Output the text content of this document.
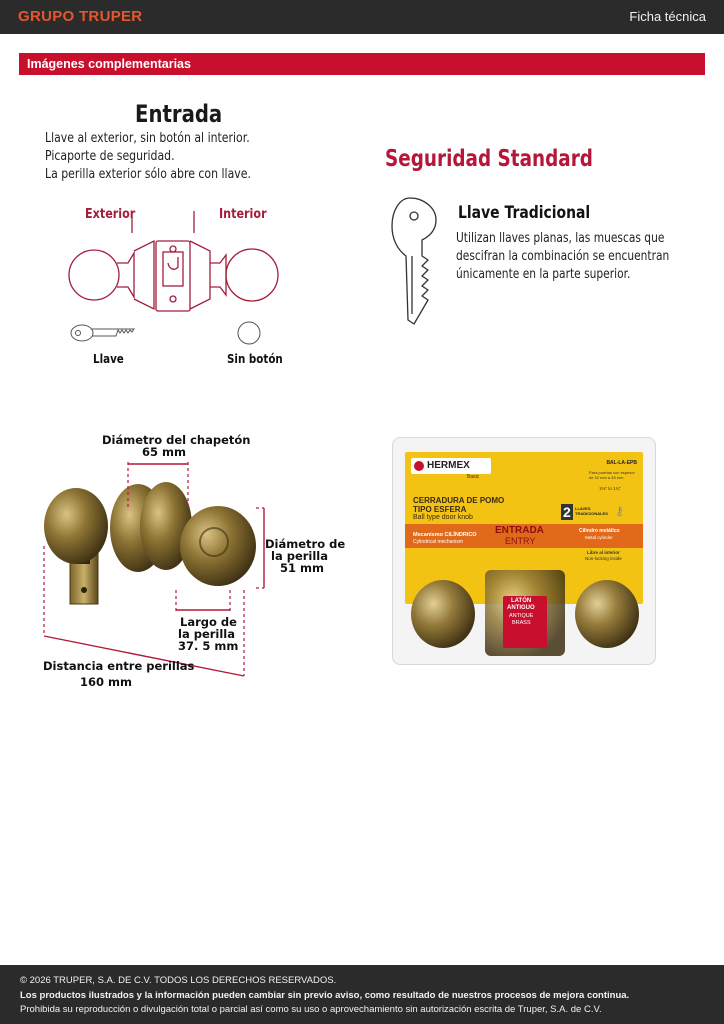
GRUPO TRUPER	Ficha técnica
Imágenes complementarias
Entrada
Llave al exterior, sin botón al interior.
Picaporte de seguridad.
La perilla exterior sólo abre con llave.
Exterior	Interior
Llave	Sin botón
Seguridad Standard
Llave Tradicional
Utilizan llaves planas, las muescas que
descifran la combinación se encuentran
únicamente en la parte superior.
Diámetro del chapetón
65 mm
Diámetro de
la perilla
51 mm
Largo de
la perilla
37. 5 mm
Distancia entre perillas
160 mm
HERMEX
Basic
BAL-LA-EPB
Para puertas con espesor de 32 mm a 45 mm
1⅜" to 1¾"
CERRADURA DE POMO
TIPO ESFERA
Ball type door knob	2	LLAVES TRADICIONALES ⚷
ENTRADA
ENTRY
Mecanismo CILÍNDRICO
Cylindrical mechanism
Cilindro metálico
Metal cylinder
Libre al interior
Non-locking inside
LATÓN
ANTIGUO
ANTIQUE
BRASS
© 2026 TRUPER, S.A. DE C.V. TODOS LOS DERECHOS RESERVADOS.
Los productos ilustrados y la información pueden cambiar sin previo aviso, como resultado de nuestros procesos de mejora continua.
Prohibida su reproducción o divulgación total o parcial así como su uso o aprovechamiento sin autorización escrita de Truper, S.A. de C.V.
